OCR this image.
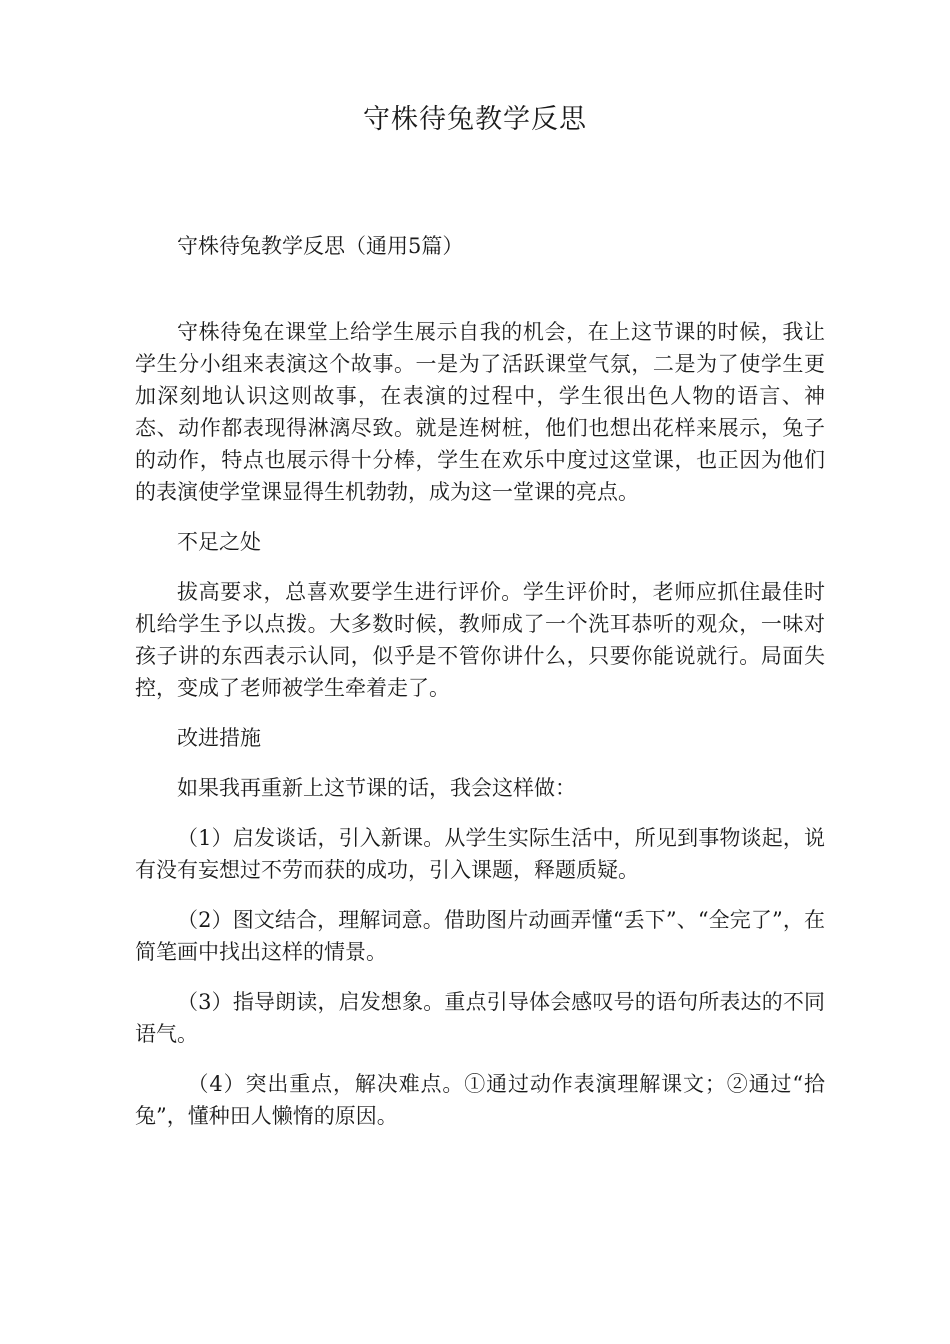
守株待兔教学反思

守株待兔教学反思（通用5篇）

守株待兔在课堂上给学生展示自我的机会，在上这节课的时候，我让学生分小组来表演这个故事。一是为了活跃课堂气氛，二是为了使学生更加深刻地认识这则故事，在表演的过程中，学生很出色人物的语言、神态、动作都表现得淋漓尽致。就是连树桩，他们也想出花样来展示，兔子的动作，特点也展示得十分棒，学生在欢乐中度过这堂课，也正因为他们的表演使学堂课显得生机勃勃，成为这一堂课的亮点。

不足之处

拔高要求，总喜欢要学生进行评价。学生评价时，老师应抓住最佳时机给学生予以点拨。大多数时候，教师成了一个洗耳恭听的观众，一味对孩子讲的东西表示认同，似乎是不管你讲什么，只要你能说就行。局面失控，变成了老师被学生牵着走了。

改进措施

如果我再重新上这节课的话，我会这样做：

（1）启发谈话，引入新课。从学生实际生活中，所见到事物谈起，说有没有妄想过不劳而获的成功，引入课题，释题质疑。

（2）图文结合，理解词意。借助图片动画弄懂“丢下”、“全完了”，在简笔画中找出这样的情景。

（3）指导朗读，启发想象。重点引导体会感叹号的语句所表达的不同语气。

（4）突出重点，解决难点。①通过动作表演理解课文；②通过“拾兔”，懂种田人懒惰的原因。
